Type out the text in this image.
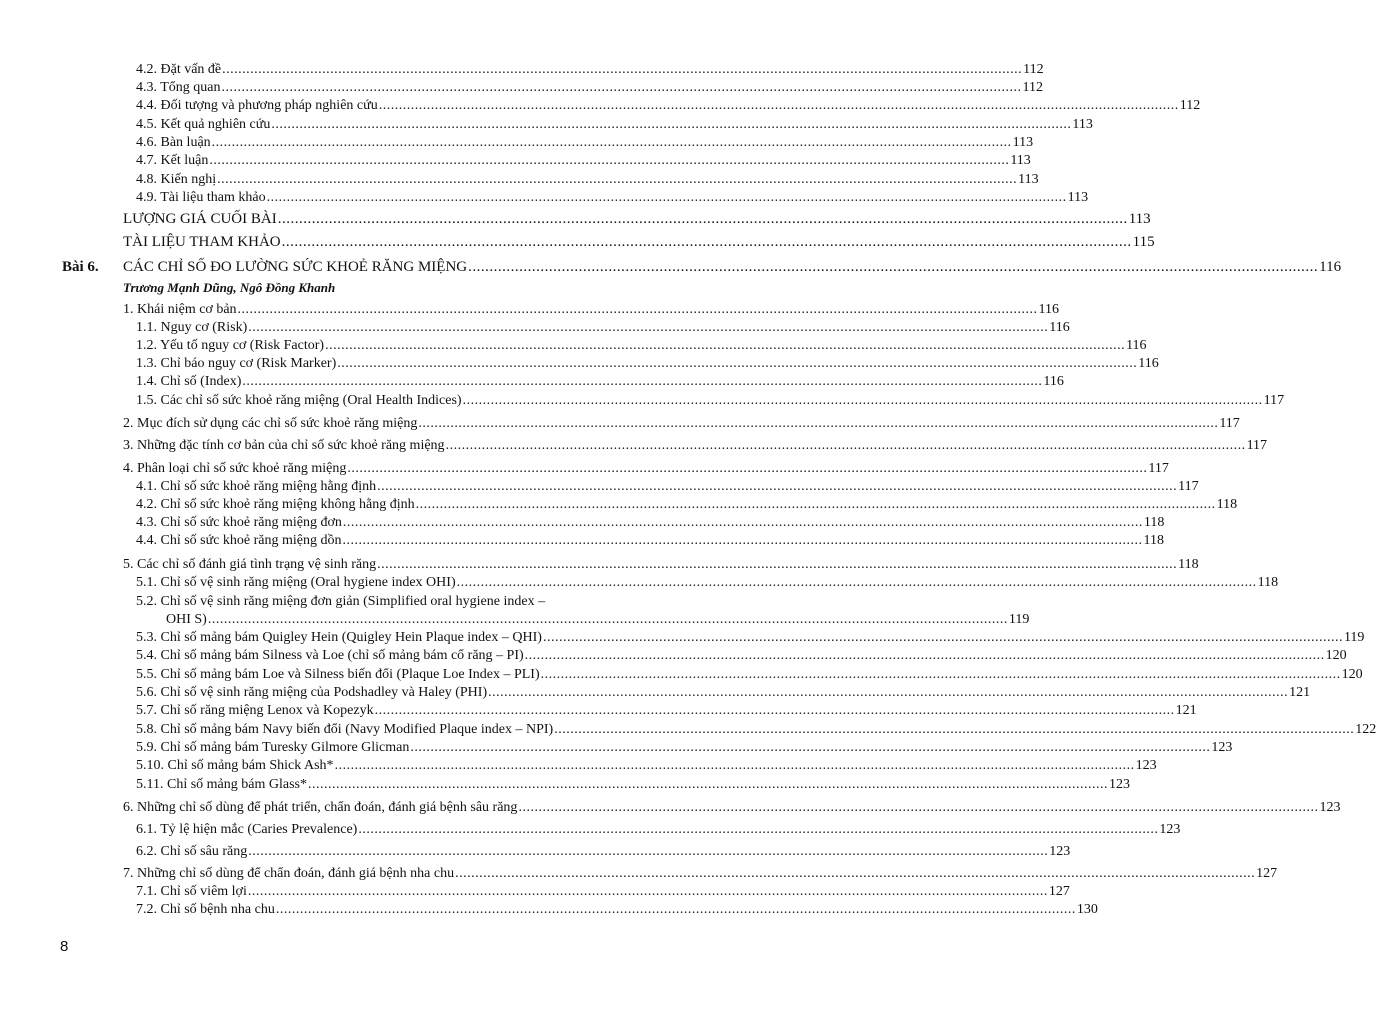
4.2. Đặt vấn đề ........................................................................................................................................................................................................ 112
4.3. Tổng quan ........................................................................................................................................................................................................ 112
4.4. Đối tượng và phương pháp nghiên cứu ........................................................................................................................................................................................................ 112
4.5. Kết quả nghiên cứu ........................................................................................................................................................................................................ 113
4.6. Bàn luận ........................................................................................................................................................................................................ 113
4.7. Kết luận ........................................................................................................................................................................................................ 113
4.8. Kiến nghị ........................................................................................................................................................................................................ 113
4.9. Tài liệu tham khảo ........................................................................................................................................................................................................ 113
LƯỢNG GIÁ CUỐI BÀI ........................................................................................................................................................................................................ 113
TÀI LIỆU THAM KHẢO ........................................................................................................................................................................................................ 115
CÁC CHỈ SỐ ĐO LƯỜNG SỨC KHOẺ RĂNG MIỆNG ........................................................................................................................................................................................................ 116
1. Khái niệm cơ bản ........................................................................................................................................................................................................ 116
1.1. Nguy cơ (Risk) ........................................................................................................................................................................................................ 116
1.2. Yếu tố nguy cơ (Risk Factor) ........................................................................................................................................................................................................ 116
1.3. Chỉ báo nguy cơ (Risk Marker) ........................................................................................................................................................................................................ 116
1.4. Chỉ số (Index) ........................................................................................................................................................................................................ 116
1.5. Các chỉ số sức khoẻ răng miệng (Oral Health Indices) ........................................................................................................................................................................................................ 117
2. Mục đích sử dụng các chỉ số sức khoẻ răng miệng ........................................................................................................................................................................................................ 117
3. Những đặc tính cơ bản của chỉ số sức khoẻ răng miệng ........................................................................................................................................................................................................ 117
4. Phân loại chỉ số sức khoẻ răng miệng ........................................................................................................................................................................................................ 117
4.1. Chỉ số sức khoẻ răng miệng hằng định ........................................................................................................................................................................................................ 117
4.2. Chỉ số sức khoẻ răng miệng không hằng định ........................................................................................................................................................................................................ 118
4.3. Chỉ số sức khoẻ răng miệng đơn ........................................................................................................................................................................................................ 118
4.4. Chỉ số sức khoẻ răng miệng dồn ........................................................................................................................................................................................................ 118
5. Các chỉ số đánh giá tình trạng vệ sinh răng ........................................................................................................................................................................................................ 118
5.1. Chỉ số vệ sinh răng miệng (Oral hygiene index OHI) ........................................................................................................................................................................................................ 118
5.2. Chỉ số vệ sinh răng miệng đơn giản (Simplified oral hygiene index –
OHI S) ........................................................................................................................................................................................................ 119
5.3. Chỉ số mảng bám Quigley Hein (Quigley Hein Plaque index – QHI) ........................................................................................................................................................................................................ 119
5.4. Chỉ số mảng bám Silness và Loe (chỉ số mảng bám cổ răng – PI) ........................................................................................................................................................................................................ 120
5.5. Chỉ số mảng bám Loe và Silness biến đổi (Plaque Loe Index – PLI) ........................................................................................................................................................................................................ 120
5.6. Chỉ số vệ sinh răng miệng của Podshadley và Haley (PHI) ........................................................................................................................................................................................................ 121
5.7. Chỉ số răng miệng Lenox và Kopezyk ........................................................................................................................................................................................................ 121
5.8. Chỉ số mảng bám Navy biến đổi (Navy Modified Plaque index – NPI) ........................................................................................................................................................................................................ 122
5.9. Chỉ số mảng bám Turesky Gilmore Glicman ........................................................................................................................................................................................................ 123
5.10. Chỉ số mảng bám Shick Ash* ........................................................................................................................................................................................................ 123
5.11. Chỉ số mảng bám Glass* ........................................................................................................................................................................................................ 123
6. Những chỉ số dùng để phát triển, chẩn đoán, đánh giá bệnh sâu răng ........................................................................................................................................................................................................ 123
6.1. Tỷ lệ hiện mắc (Caries Prevalence) ........................................................................................................................................................................................................ 123
6.2. Chỉ số sâu răng ........................................................................................................................................................................................................ 123
7. Những chỉ số dùng để chẩn đoán, đánh giá bệnh nha chu ........................................................................................................................................................................................................ 127
7.1. Chỉ số viêm lợi ........................................................................................................................................................................................................ 127
7.2. Chỉ số bệnh nha chu ........................................................................................................................................................................................................ 130
Bài 6.
Trương Mạnh Dũng, Ngô Đồng Khanh
8
